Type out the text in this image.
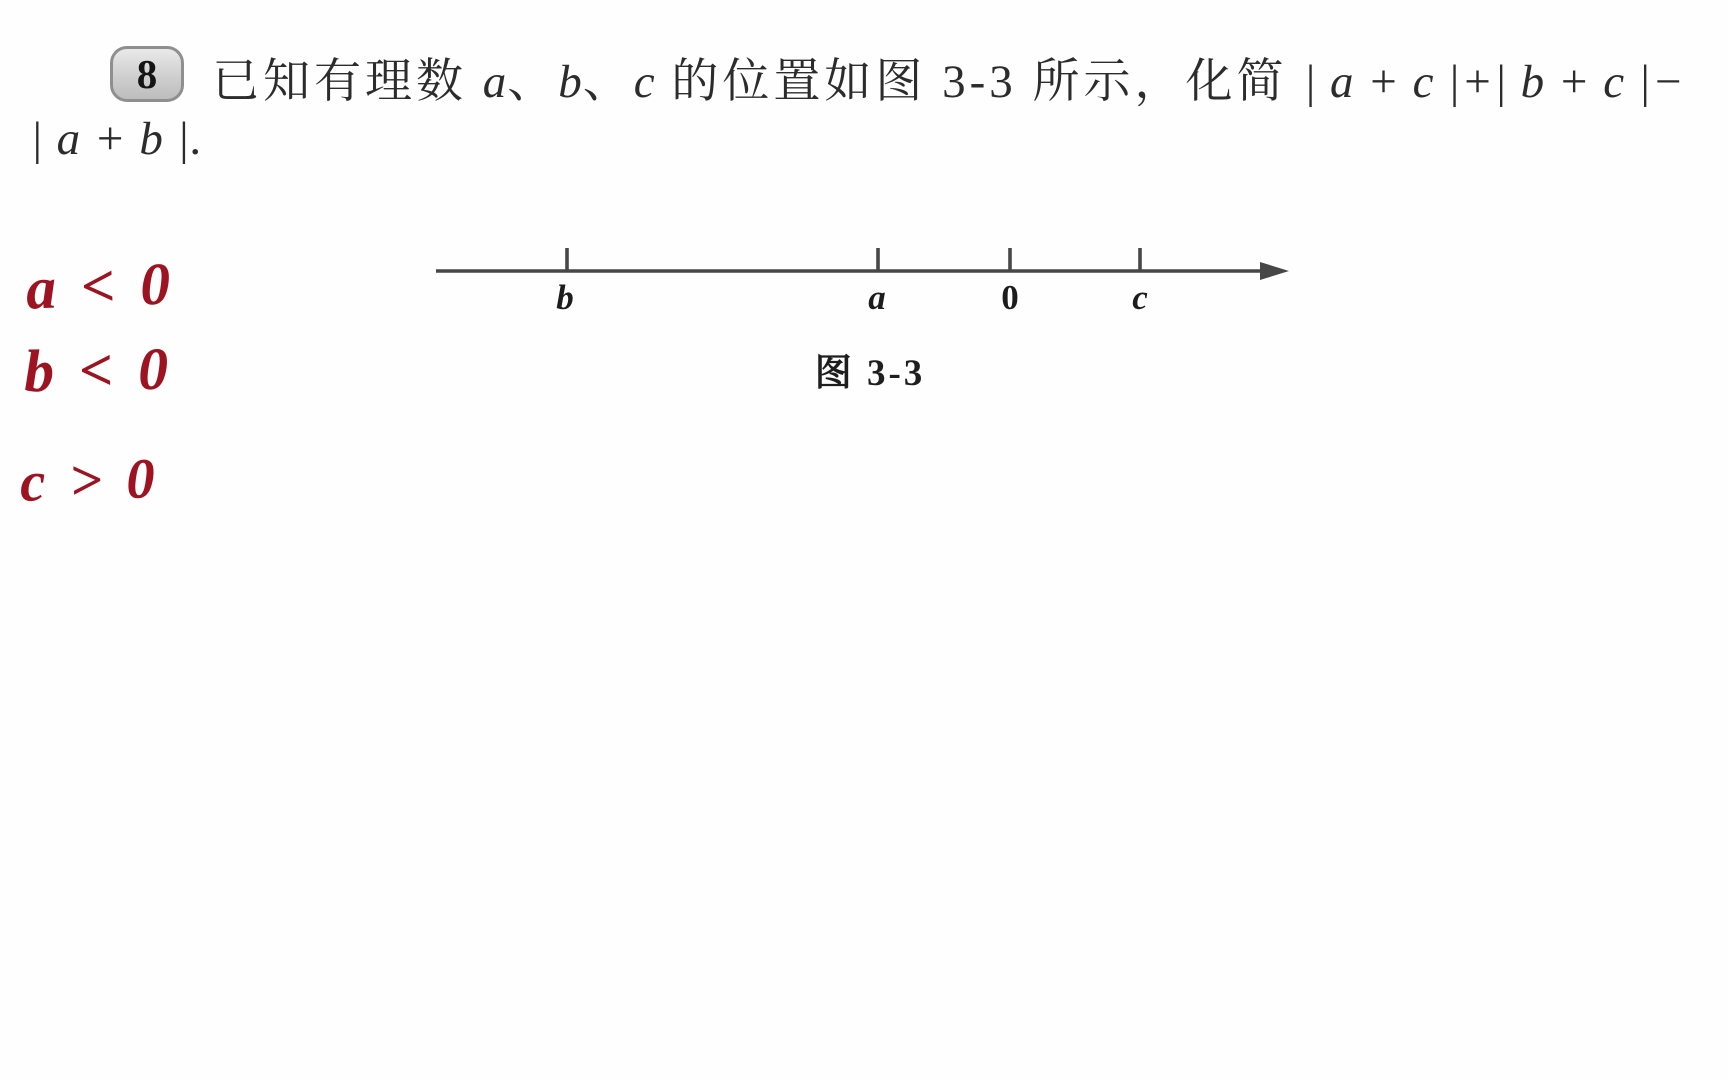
8	已知有理数 a、b、c 的位置如图 3-3 所示，化简 | a + c |+| b + c |−
| a + b |.
b	a	0	c
图 3-3
a < 0
b < 0
c > 0
